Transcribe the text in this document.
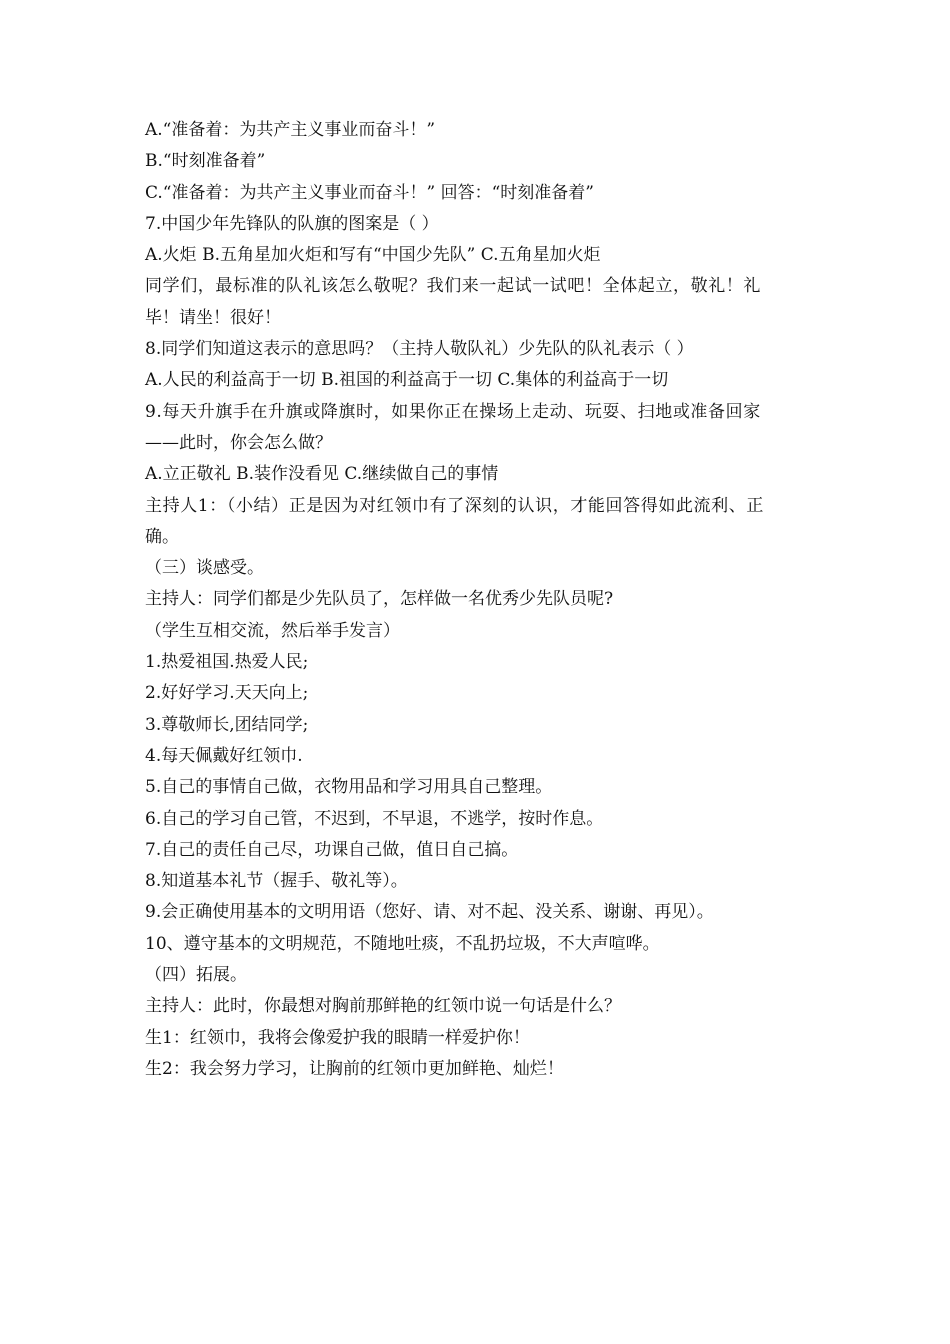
A.“准备着：为共产主义事业而奋斗！”
B.“时刻准备着”
C.“准备着：为共产主义事业而奋斗！” 回答：“时刻准备着”
7.中国少年先锋队的队旗的图案是（ ）
A.火炬 B.五角星加火炬和写有“中国少先队” C.五角星加火炬
同学们，最标准的队礼该怎么敬呢？我们来一起试一试吧！全体起立，敬礼！礼
毕！请坐！很好！
8.同学们知道这表示的意思吗？（主持人敬队礼）少先队的队礼表示（ ）
A.人民的利益高于一切 B.祖国的利益高于一切 C.集体的利益高于一切
9.每天升旗手在升旗或降旗时，如果你正在操场上走动、玩耍、扫地或准备回家
——此时，你会怎么做？
A.立正敬礼 B.装作没看见 C.继续做自己的事情
主持人1：（小结）正是因为对红领巾有了深刻的认识，才能回答得如此流利、正
确。
（三）谈感受。
主持人：同学们都是少先队员了，怎样做一名优秀少先队员呢?
（学生互相交流，然后举手发言）
1.热爱祖国.热爱人民;
2.好好学习.天天向上;
3.尊敬师长,团结同学;
4.每天佩戴好红领巾.
5.自己的事情自己做，衣物用品和学习用具自己整理。
6.自己的学习自己管，不迟到，不早退，不逃学，按时作息。
7.自己的责任自己尽，功课自己做，值日自己搞。
8.知道基本礼节（握手、敬礼等）。
9.会正确使用基本的文明用语（您好、请、对不起、没关系、谢谢、再见）。
10、遵守基本的文明规范，不随地吐痰，不乱扔垃圾，不大声喧哗。
（四）拓展。
主持人：此时，你最想对胸前那鲜艳的红领巾说一句话是什么？
生1：红领巾，我将会像爱护我的眼睛一样爱护你！
生2：我会努力学习，让胸前的红领巾更加鲜艳、灿烂！
